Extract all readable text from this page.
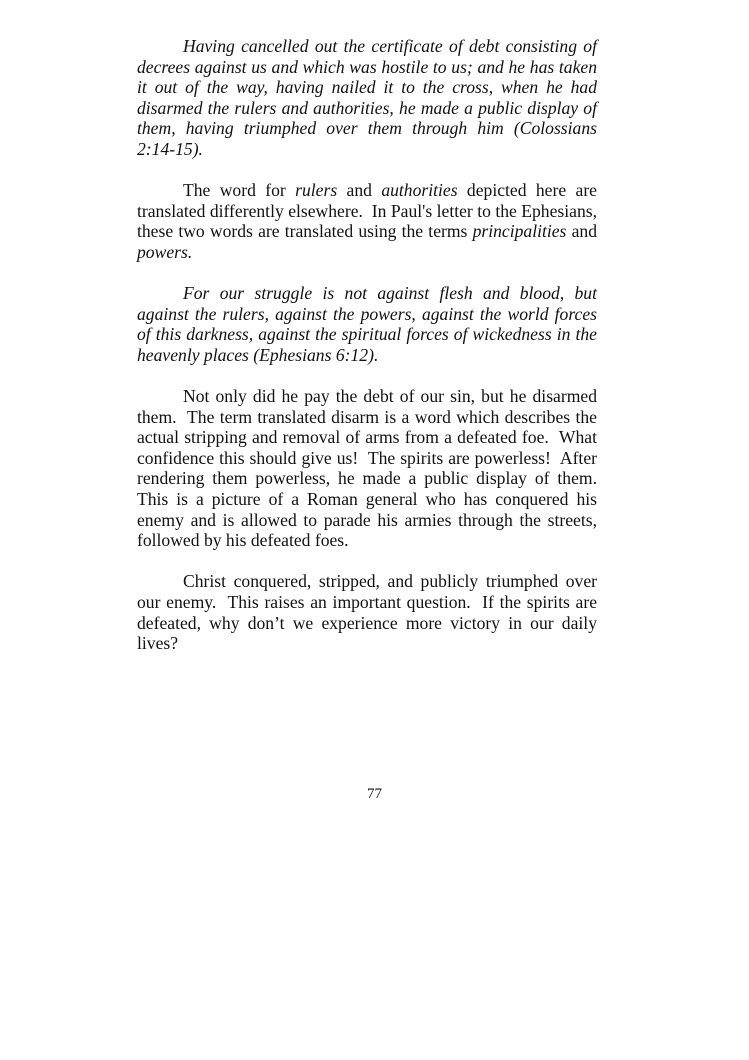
Having cancelled out the certificate of debt consisting of decrees against us and which was hostile to us; and he has taken it out of the way, having nailed it to the cross, when he had disarmed the rulers and authorities, he made a public display of them, having triumphed over them through him (Colossians 2:14-15).

The word for rulers and authorities depicted here are translated differently elsewhere.  In Paul's letter to the Ephesians, these two words are translated using the terms principalities and powers.

For our struggle is not against flesh and blood, but against the rulers, against the powers, against the world forces of this darkness, against the spiritual forces of wickedness in the heavenly places (Ephesians 6:12).

Not only did he pay the debt of our sin, but he disarmed them.  The term translated disarm is a word which describes the actual stripping and removal of arms from a defeated foe.  What confidence this should give us!  The spirits are powerless!  After rendering them powerless, he made a public display of them. This is a picture of a Roman general who has conquered his enemy and is allowed to parade his armies through the streets, followed by his defeated foes.

Christ conquered, stripped, and publicly triumphed over our enemy.  This raises an important question.  If the spirits are defeated, why don’t we experience more victory in our daily lives?

77
